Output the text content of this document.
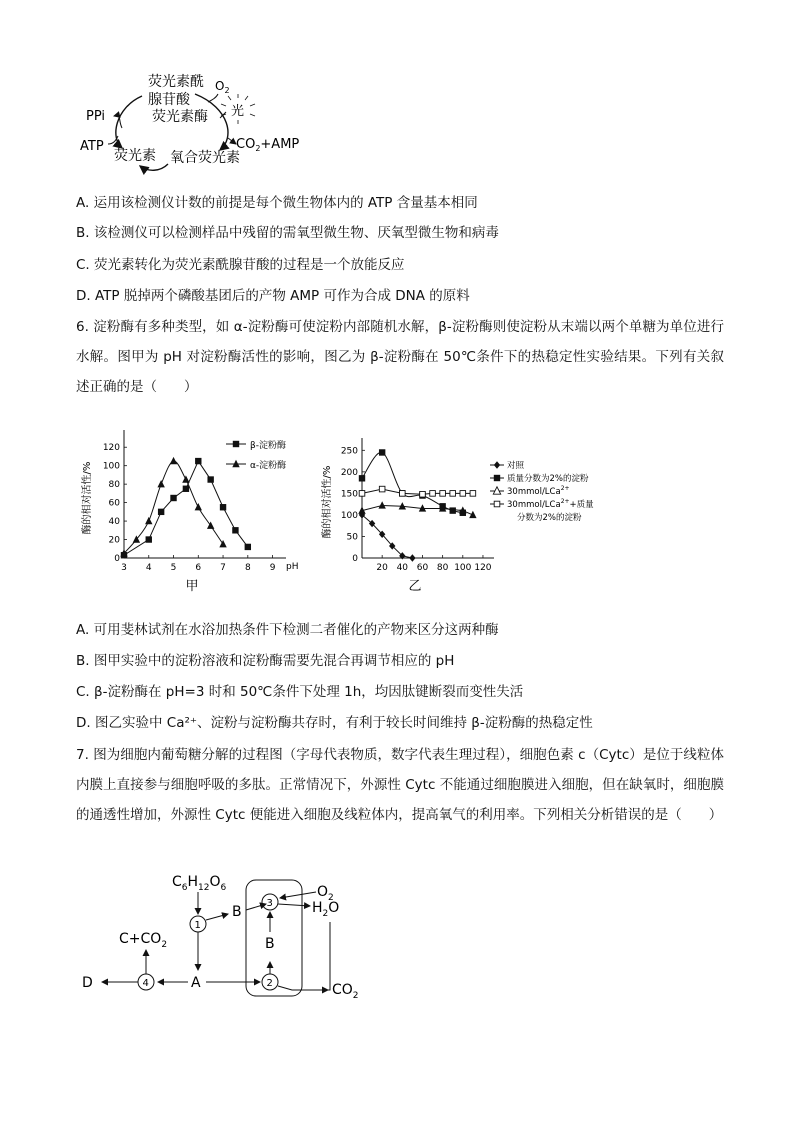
荧光素酰 $O_2$
腺苷酸
荧光素酶 光
PPi
ATP
荧光素 氧合荧光素
$CO_2+AMP$
A. 运用该检测仪计数的前提是每个微生物体内的 ATP 含量基本相同
B. 该检测仪可以检测样品中残留的需氧型微生物、厌氧型微生物和病毒
C. 荧光素转化为荧光素酰腺苷酸的过程是一个放能反应
D. ATP 脱掉两个磷酸基团后的产物 AMP 可作为合成 DNA 的原料
6. 淀粉酶有多种类型，如 α-淀粉酶可使淀粉内部随机水解，β-淀粉酶则使淀粉从末端以两个单糖为单位进行水解。图甲为 pH 对淀粉酶活性的影响，图乙为 β-淀粉酶在 50℃条件下的热稳定性实验结果。下列有关叙述正确的是（　　）
0
20
40
60
80
100
120
3 4 5 6 7 8 9 pH
酶的相对活性/%
甲
β-淀粉酶
α-淀粉酶
0
50
100
150
200
250
20 40 60 80 100 120
酶的相对活性/%
乙
对照
质量分数为2%的淀粉
30mmol/LCa$^{2+}$
30mmol/LCa$^{2+}$+质量
分数为2%的淀粉
A. 可用斐林试剂在水浴加热条件下检测二者催化的产物来区分这两种酶
B. 图甲实验中的淀粉溶液和淀粉酶需要先混合再调节相应的 pH
C. β-淀粉酶在 pH=3 时和 50℃条件下处理 1h，均因肽键断裂而变性失活
D. 图乙实验中 Ca²⁺、淀粉与淀粉酶共存时，有利于较长时间维持 β-淀粉酶的热稳定性
7. 图为细胞内葡萄糖分解的过程图（字母代表物质，数字代表生理过程），细胞色素 c（Cytc）是位于线粒体内膜上直接参与细胞呼吸的多肽。正常情况下，外源性 Cytc 不能通过细胞膜进入细胞，但在缺氧时，细胞膜的通透性增加，外源性 Cytc 便能进入细胞及线粒体内，提高氧气的利用率。下列相关分析错误的是（　　）
$C_6H_{12}O_6$
1
B
A
4
D
$C+CO_2$
3
2
B
$O_2$
$H_2O$
$CO_2$
